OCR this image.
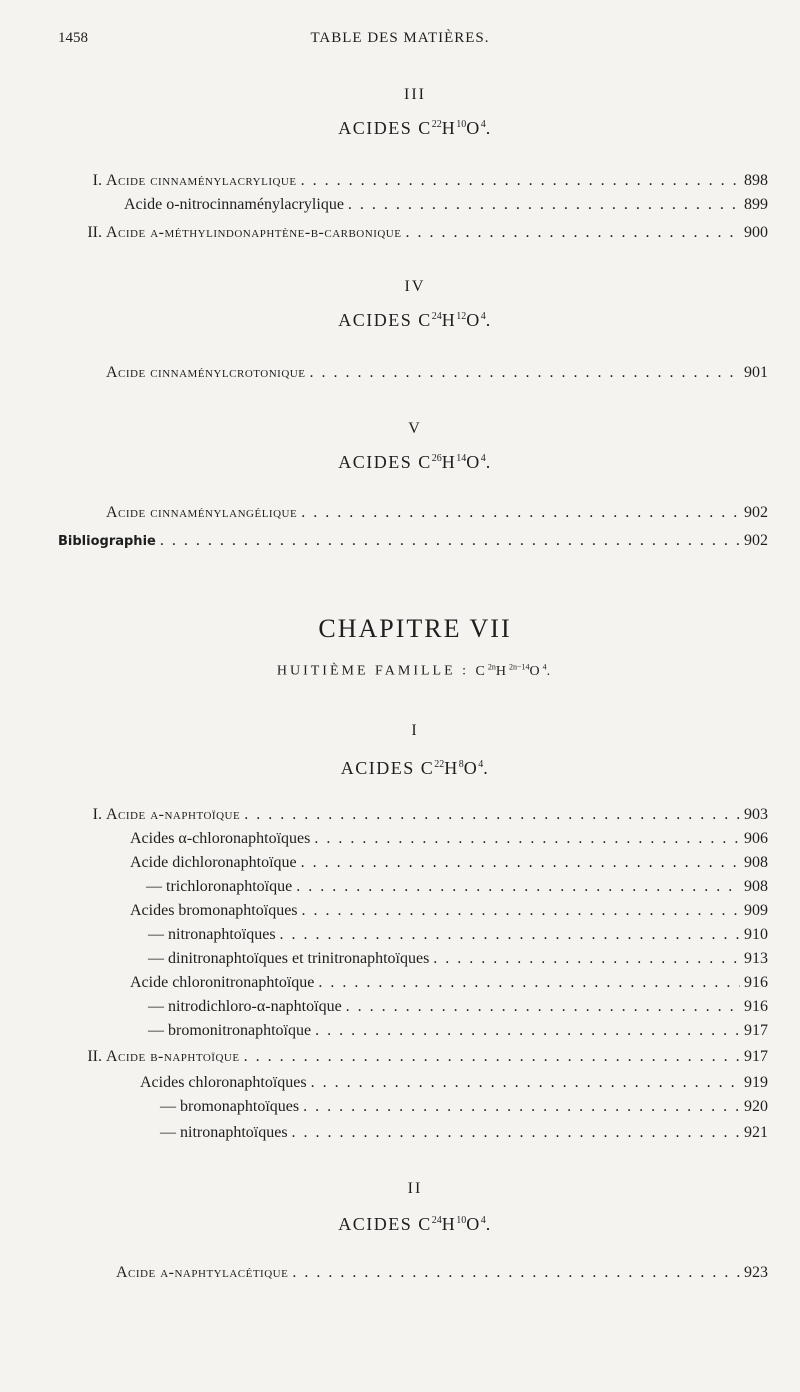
1458	TABLE DES MATIÈRES.
III
ACIDES $C^{22}H^{10}O^4$.
I. Acide cinnaménylacrylique . . .	898
Acide o-nitrocinnaménylacrylique . . .	899
II. Acide α-méthylindonaphtène-β-carbonique . . .	900
IV
ACIDES $C^{24}H^{12}O^4$.
Acide cinnaménylcrotonique . . .	901
V
ACIDES $C^{26}H^{14}O^4$.
Acide cinnaménylangélique . . .	902
Bibliographie . . .	902
CHAPITRE VII
HUITIÈME FAMILLE : $C^{2n}H^{2n-14}O^4$.
I
ACIDES $C^{22}H^8O^4$.
I. Acide α-naphtoïque . . .	903
Acides α-chloronaphtoïques . . .	906
Acide dichloronaphtoïque . . .	908
— trichloronaphtoïque . . .	908
Acides bromonaphtoïques . . .	909
— nitronaphtoïques . . .	910
— dinitronaphtoïques et trinitronaphtoïques . . .	913
Acide chloronitronaphtoïque . . .	916
— nitrodichloro-α-naphtoïque . . .	916
— bromonitronaphtoïque . . .	917
II. Acide β-naphtoïque . . .	917
Acides chloronaphtoïques . . .	919
— bromonaphtoïques . . .	920
— nitronaphtoïques . . .	921
II
ACIDES $C^{24}H^{10}O^4$.
Acide α-naphtylacétique . . .	923
